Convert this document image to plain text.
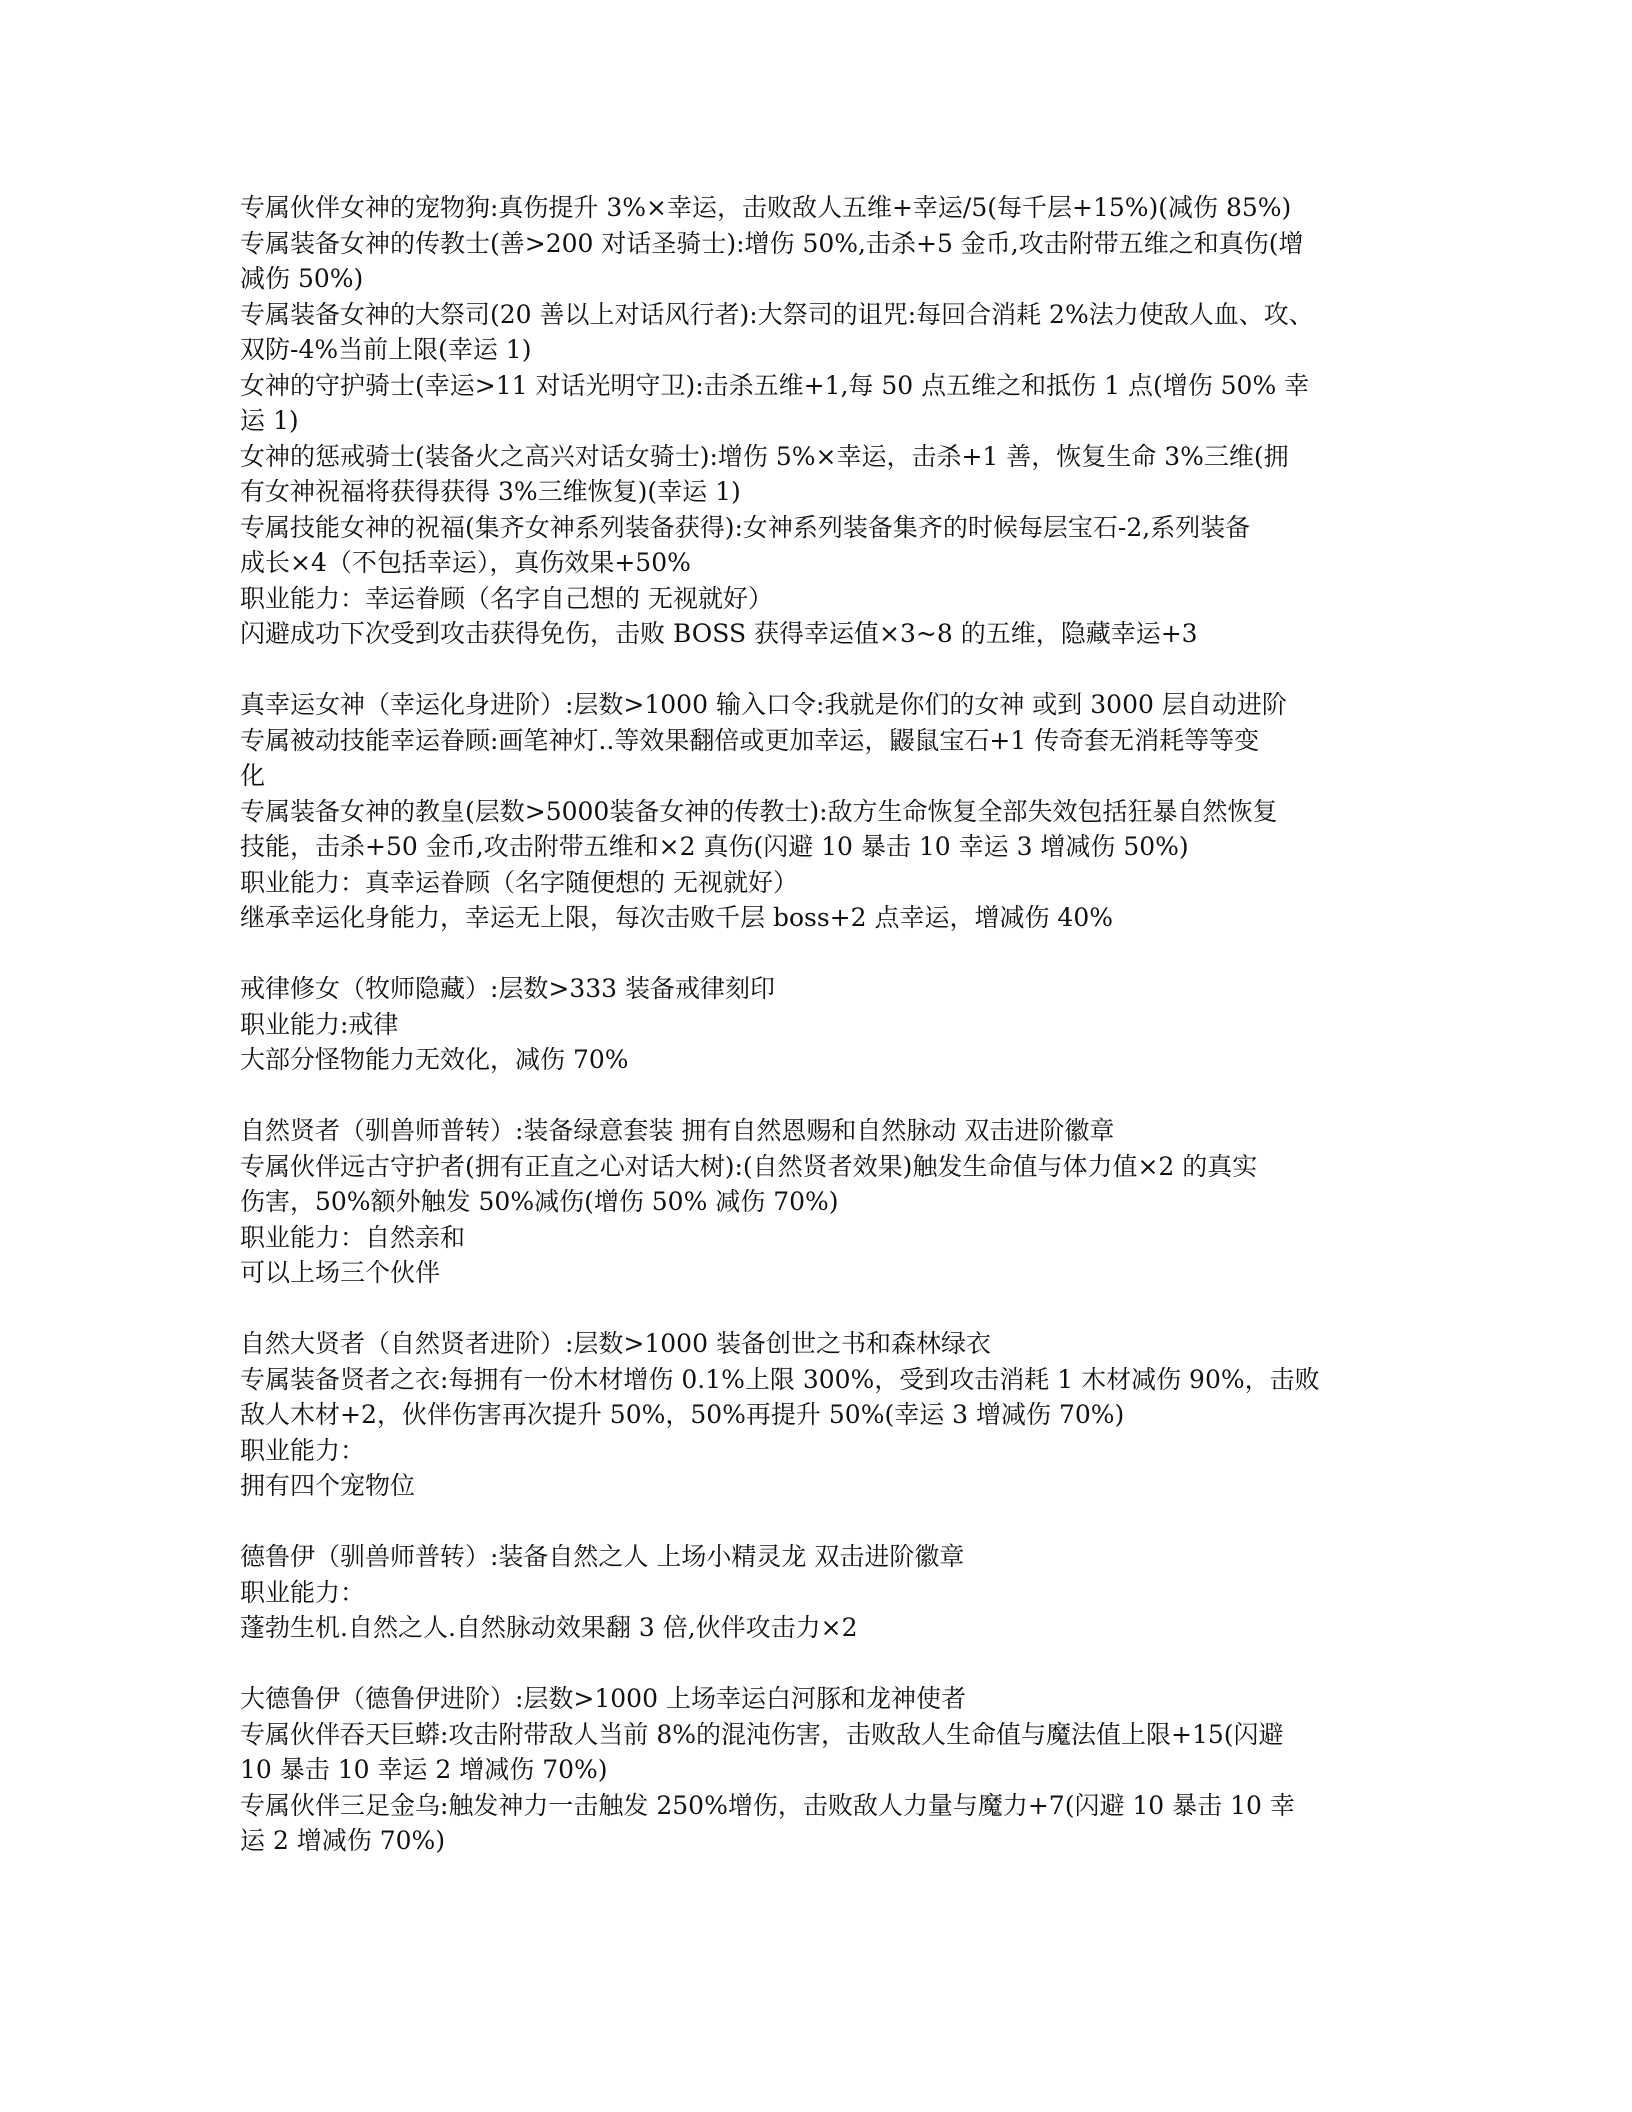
专属伙伴女神的宠物狗:真伤提升 3%×幸运，击败敌人五维+幸运/5(每千层+15%)(减伤 85%)
专属装备女神的传教士(善>200 对话圣骑士):增伤 50%,击杀+5 金币,攻击附带五维之和真伤(增
减伤 50%)
专属装备女神的大祭司(20 善以上对话风行者):大祭司的诅咒:每回合消耗 2%法力使敌人血、攻、
双防-4%当前上限(幸运 1)
女神的守护骑士(幸运>11 对话光明守卫):击杀五维+1,每 50 点五维之和抵伤 1 点(增伤 50% 幸
运 1)
女神的惩戒骑士(装备火之高兴对话女骑士):增伤 5%×幸运，击杀+1 善，恢复生命 3%三维(拥
有女神祝福将获得获得 3%三维恢复)(幸运 1)
专属技能女神的祝福(集齐女神系列装备获得):女神系列装备集齐的时候每层宝石-2,系列装备
成长×4（不包括幸运），真伤效果+50%
职业能力：幸运眷顾（名字自己想的 无视就好）
闪避成功下次受到攻击获得免伤，击败 BOSS 获得幸运值×3~8 的五维，隐藏幸运+3
真幸运女神（幸运化身进阶）:层数>1000 输入口令:我就是你们的女神 或到 3000 层自动进阶
专属被动技能幸运眷顾:画笔神灯..等效果翻倍或更加幸运，鼹鼠宝石+1 传奇套无消耗等等变
化
专属装备女神的教皇(层数>5000装备女神的传教士):敌方生命恢复全部失效包括狂暴自然恢复
技能，击杀+50 金币,攻击附带五维和×2 真伤(闪避 10 暴击 10 幸运 3 增减伤 50%)
职业能力：真幸运眷顾（名字随便想的 无视就好）
继承幸运化身能力，幸运无上限，每次击败千层 boss+2 点幸运，增减伤 40%
戒律修女（牧师隐藏）:层数>333 装备戒律刻印
职业能力:戒律
大部分怪物能力无效化，减伤 70%
自然贤者（驯兽师普转）:装备绿意套装 拥有自然恩赐和自然脉动 双击进阶徽章
专属伙伴远古守护者(拥有正直之心对话大树):(自然贤者效果)触发生命值与体力值×2 的真实
伤害，50%额外触发 50%减伤(增伤 50% 减伤 70%)
职业能力：自然亲和
可以上场三个伙伴
自然大贤者（自然贤者进阶）:层数>1000 装备创世之书和森林绿衣
专属装备贤者之衣:每拥有一份木材增伤 0.1%上限 300%，受到攻击消耗 1 木材减伤 90%，击败
敌人木材+2，伙伴伤害再次提升 50%，50%再提升 50%(幸运 3 增减伤 70%)
职业能力：
拥有四个宠物位
德鲁伊（驯兽师普转）:装备自然之人 上场小精灵龙 双击进阶徽章
职业能力：
蓬勃生机.自然之人.自然脉动效果翻 3 倍,伙伴攻击力×2
大德鲁伊（德鲁伊进阶）:层数>1000 上场幸运白河豚和龙神使者
专属伙伴吞天巨蟒:攻击附带敌人当前 8%的混沌伤害，击败敌人生命值与魔法值上限+15(闪避
10 暴击 10 幸运 2 增减伤 70%)
专属伙伴三足金乌:触发神力一击触发 250%增伤，击败敌人力量与魔力+7(闪避 10 暴击 10 幸
运 2 增减伤 70%)
